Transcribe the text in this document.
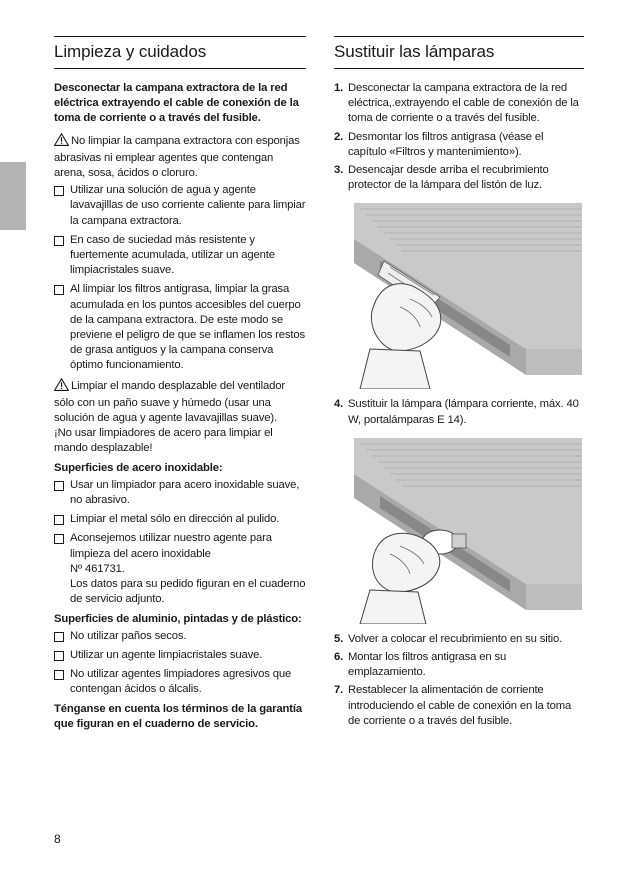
Limpieza y cuidados
Desconectar la campana extractora de la red eléctrica extrayendo el cable de conexión de la toma de corriente o a través del fusible.
No limpiar la campana extractora con esponjas abrasivas ni emplear agentes que contengan arena, sosa, ácidos o cloruro.
Utilizar una solución de agua y agente lavavajillas de uso corriente caliente para limpiar la campana extractora.
En caso de suciedad más resistente y fuertemente acumulada, utilizar un agente limpiacristales suave.
Al limpiar los filtros antigrasa, limpiar la grasa acumulada en los puntos accesibles del cuerpo de la campana extractora. De este modo se previene el peligro de que se inflamen los restos de grasa antiguos y la campana conserva óptimo funcionamiento.
Limpiar el mando desplazable del ventilador sólo con un paño suave y húmedo (usar una solución de agua y agente lavavajillas suave).
¡No usar limpiadores de acero para limpiar el mando desplazable!
Superficies de acero inoxidable:
Usar un limpiador para acero inoxidable suave, no abrasivo.
Limpiar el metal sólo en dirección al pulido.
Aconsejemos utilizar nuestro agente para limpieza del acero inoxidable
Nº 461731.
Los datos para su pedido figuran en el cuaderno de servicio adjunto.
Superficies de aluminio, pintadas y de plástico:
No utilizar paños secos.
Utilizar un agente limpiacristales suave.
No utilizar agentes limpiadores agresivos que contengan ácidos o álcalis.
Ténganse en cuenta los términos de la garantía que figuran en el cuaderno de servicio.
Sustituir las lámparas
1. Desconectar la campana extractora de la red eléctrica,.extrayendo el cable de conexión de la toma de corriente o a través del fusible.
2. Desmontar los filtros antigrasa (véase el capítulo «Filtros y mantenimiento»).
3. Desencajar desde arriba el recubrimiento protector de la lámpara del listón de luz.
4. Sustituir la lámpara (lámpara corriente, máx. 40 W, portalámparas E 14).
5. Volver a colocar el recubrimiento en su sitio.
6. Montar los filtros antigrasa en su emplazamiento.
7. Restablecer la alimentación de corriente introduciendo el cable de conexión en la toma de corriente o a través del fusible.
8
